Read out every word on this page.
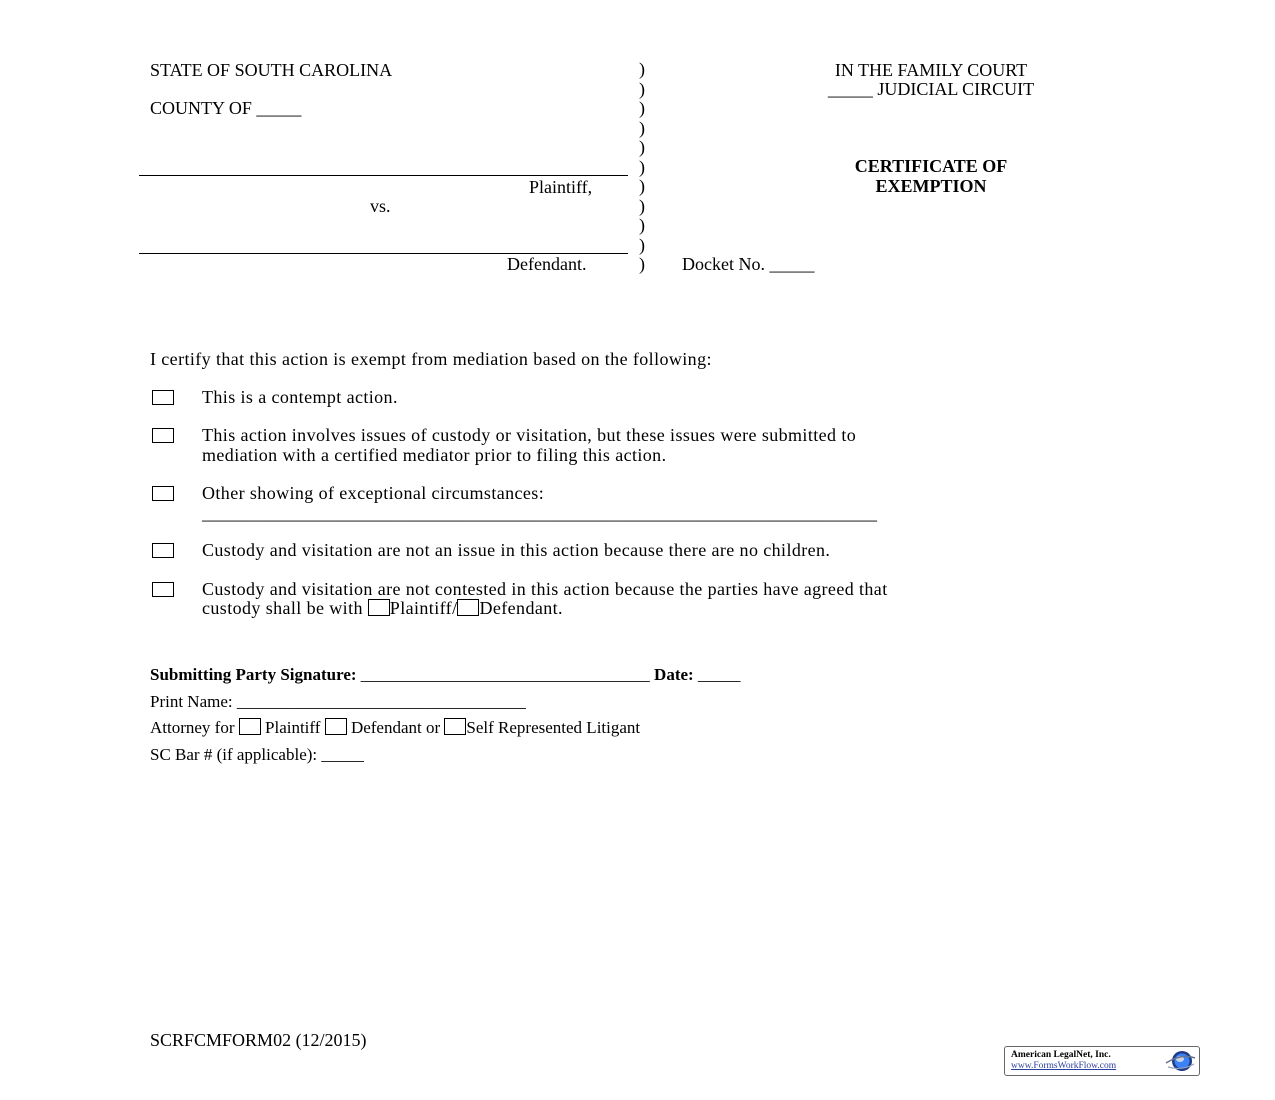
STATE OF SOUTH CAROLINA
COUNTY OF _____
Plaintiff,
vs.
Defendant.
)
)
)
)
)
)
)
)
)
)
)
IN THE FAMILY COURT
_____ JUDICIAL CIRCUIT
CERTIFICATE OF
EXEMPTION
Docket No. _____
I certify that this action is exempt from mediation based on the following:
This is a contempt action.
This action involves issues of custody or visitation, but these issues were submitted to
mediation with a certified mediator prior to filing this action.
Other showing of exceptional circumstances:
___________________________________________________________________________
Custody and visitation are not an issue in this action because there are no children.
Custody and visitation are not contested in this action because the parties have agreed that
custody shall be with Plaintiff/ Defendant.
Submitting Party Signature: __________________________________ Date: _____
Print Name: __________________________________
Attorney for Plaintiff Defendant or Self Represented Litigant
SC Bar # (if applicable): _____
SCRFCMFORM02 (12/2015)
American LegalNet, Inc.
www.FormsWorkFlow.com
